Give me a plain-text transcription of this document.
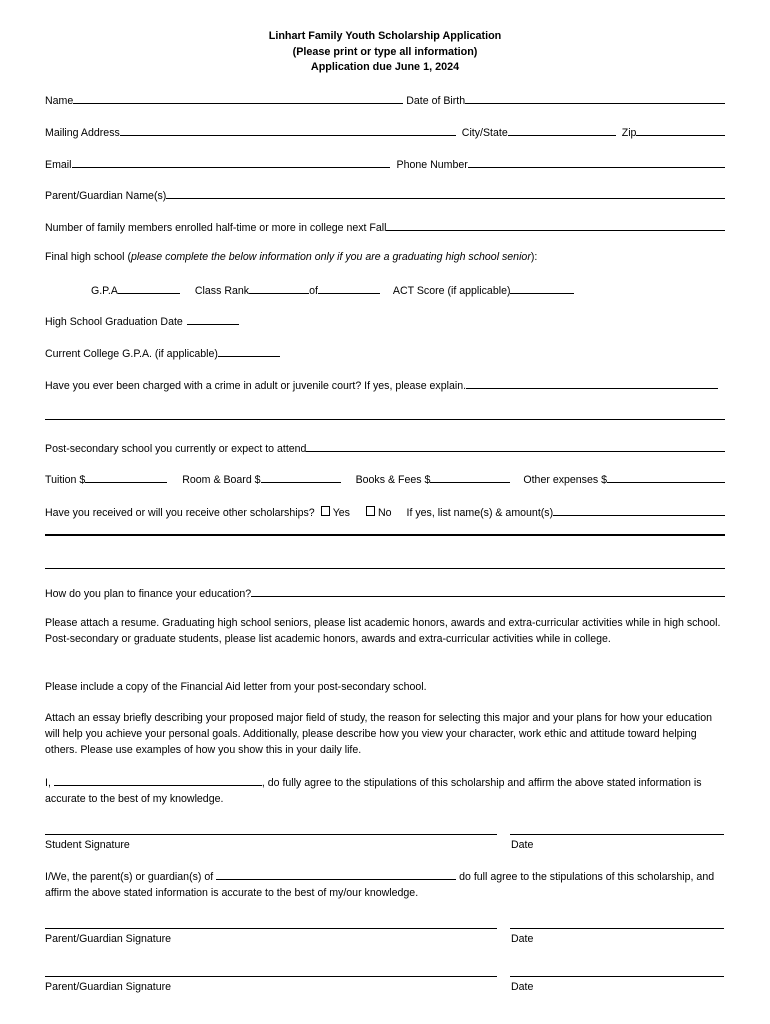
Linhart Family Youth Scholarship Application
(Please print or type all information)
Application due June 1, 2024
Name	Date of Birth
Mailing Address	City/State	Zip
Email	Phone Number
Parent/Guardian Name(s)
Number of family members enrolled half-time or more in college next Fall
Final high school (please complete the below information only if you are a graduating high school senior):
G.P.A	Class Rank	of	ACT Score (if applicable)
High School Graduation Date
Current College G.P.A. (if applicable)
Have you ever been charged with a crime in adult or juvenile court? If yes, please explain.
Post-secondary school you currently or expect to attend
Tuition $	Room & Board $	Books & Fees $	Other expenses $
Have you received or will you receive other scholarships? Yes	No If yes, list name(s) & amount(s)
How do you plan to finance your education?
Please attach a resume. Graduating high school seniors, please list academic honors, awards and extra-curricular activities while in high school. Post-secondary or graduate students, please list academic honors, awards and extra-curricular activities while in college.
Please include a copy of the Financial Aid letter from your post-secondary school.
Attach an essay briefly describing your proposed major field of study, the reason for selecting this major and your plans for how your education will help you achieve your personal goals. Additionally, please describe how you view your character, work ethic and attitude toward helping others. Please use examples of how you show this in your daily life.
I,	, do fully agree to the stipulations of this scholarship and affirm the above stated information is accurate to the best of my knowledge.
Student Signature	Date
I/We, the parent(s) or guardian(s) of	do full agree to the stipulations of this scholarship, and affirm the above stated information is accurate to the best of my/our knowledge.
Parent/Guardian Signature	Date
Parent/Guardian Signature	Date
